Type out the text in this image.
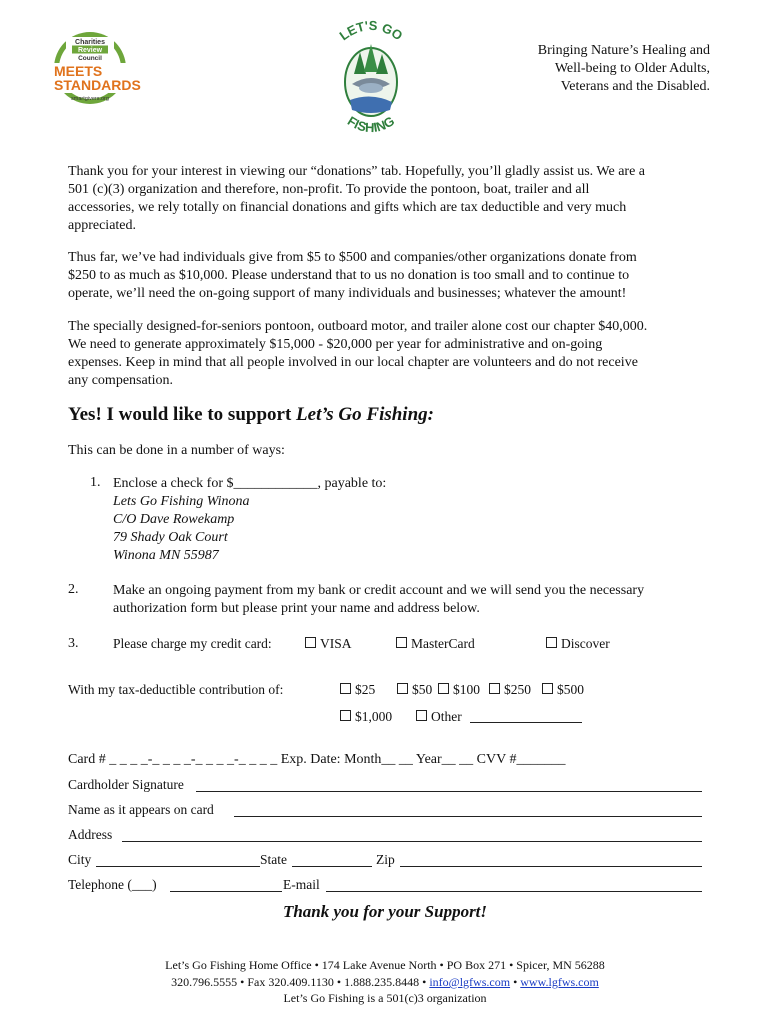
Charities
Review
Council
MEETS
STANDARDS
smartgivers.org
LET'S GO
FISHING
Bringing Nature’s Healing and
Well-being to Older Adults,
Veterans and the Disabled.
Thank you for your interest in viewing our “donations” tab. Hopefully, you’ll gladly assist us. We are a
501 (c)(3) organization and therefore, non-profit. To provide the pontoon, boat, trailer and all
accessories, we rely totally on financial donations and gifts which are tax deductible and very much
appreciated.
Thus far, we’ve had individuals give from $5 to $500 and companies/other organizations donate from
$250 to as much as $10,000. Please understand that to us no donation is too small and to continue to
operate, we’ll need the on-going support of many individuals and businesses; whatever the amount!
The specially designed-for-seniors pontoon, outboard motor, and trailer alone cost our chapter $40,000.
We need to generate approximately $15,000 - $20,000 per year for administrative and on-going
expenses. Keep in mind that all people involved in our local chapter are volunteers and do not receive
any compensation.
Yes! I would like to support Let’s Go Fishing:
This can be done in a number of ways:
1. Enclose a check for $____________, payable to:
Lets Go Fishing Winona
C/O Dave Rowekamp
79 Shady Oak Court
Winona MN 55987
2. Make an ongoing payment from my bank or credit account and we will send you the necessary
authorization form but please print your name and address below.
3.	Please charge my credit card:	VISA	MasterCard	Discover
With my tax-deductible contribution of:	$25	$50	$100	$250	$500
$1,000	Other
Card # _ _ _ _-_ _ _ _-_ _ _ _-_ _ _ _ Exp. Date: Month__ __ Year__ __ CVV #_______
Cardholder Signature
Name as it appears on card
Address
City	State	Zip
Telephone (___)	E-mail
Thank you for your Support!
Let’s Go Fishing Home Office • 174 Lake Avenue North • PO Box 271 • Spicer, MN 56288
320.796.5555 • Fax 320.409.1130 • 1.888.235.8448 • info@lgfws.com • www.lgfws.com
Let’s Go Fishing is a 501(c)3 organization
